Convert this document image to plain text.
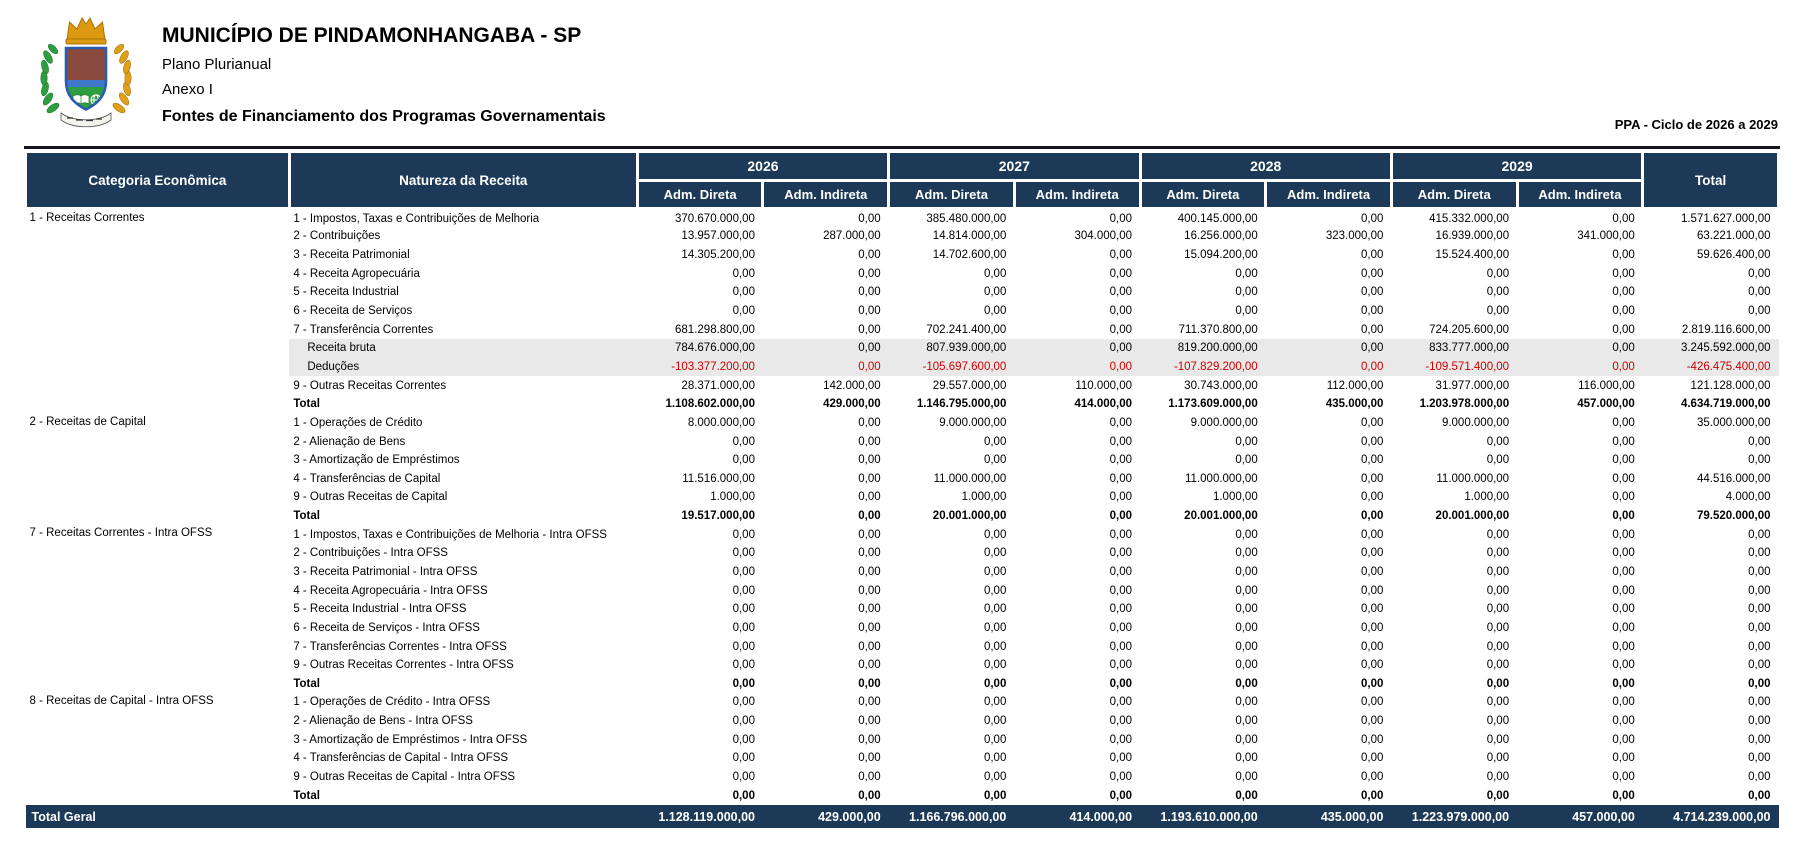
MUNICÍPIO DE PINDAMONHANGABA - SP
Plano Plurianual
Anexo I
Fontes de Financiamento dos Programas Governamentais	PPA - Ciclo de 2026 a 2029
Categoria Econômica	Natureza da Receita	2026		2027		2028		2029		Total
		Adm. Direta	Adm. Indireta	Adm. Direta	Adm. Indireta	Adm. Direta	Adm. Indireta	Adm. Direta	Adm. Indireta	
1 - Receitas Correntes	1 - Impostos, Taxas e Contribuições de Melhoria	370.670.000,00	0,00	385.480.000,00	0,00	400.145.000,00	0,00	415.332.000,00	0,00	1.571.627.000,00
	2 - Contribuições	13.957.000,00	287.000,00	14.814.000,00	304.000,00	16.256.000,00	323.000,00	16.939.000,00	341.000,00	63.221.000,00
	3 - Receita Patrimonial	14.305.200,00	0,00	14.702.600,00	0,00	15.094.200,00	0,00	15.524.400,00	0,00	59.626.400,00
	4 - Receita Agropecuária	0,00	0,00	0,00	0,00	0,00	0,00	0,00	0,00	0,00
	5 - Receita Industrial	0,00	0,00	0,00	0,00	0,00	0,00	0,00	0,00	0,00
	6 - Receita de Serviços	0,00	0,00	0,00	0,00	0,00	0,00	0,00	0,00	0,00
	7 - Transferência Correntes	681.298.800,00	0,00	702.241.400,00	0,00	711.370.800,00	0,00	724.205.600,00	0,00	2.819.116.600,00
	Receita bruta	784.676.000,00	0,00	807.939.000,00	0,00	819.200.000,00	0,00	833.777.000,00	0,00	3.245.592.000,00
	Deduções	-103.377.200,00	0,00	-105.697.600,00	0,00	-107.829.200,00	0,00	-109.571.400,00	0,00	-426.475.400,00
	9 - Outras Receitas Correntes	28.371.000,00	142.000,00	29.557.000,00	110.000,00	30.743.000,00	112.000,00	31.977.000,00	116.000,00	121.128.000,00
	Total	1.108.602.000,00	429.000,00	1.146.795.000,00	414.000,00	1.173.609.000,00	435.000,00	1.203.978.000,00	457.000,00	4.634.719.000,00
2 - Receitas de Capital	1 - Operações de Crédito	8.000.000,00	0,00	9.000.000,00	0,00	9.000.000,00	0,00	9.000.000,00	0,00	35.000.000,00
	2 - Alienação de Bens	0,00	0,00	0,00	0,00	0,00	0,00	0,00	0,00	0,00
	3 - Amortização de Empréstimos	0,00	0,00	0,00	0,00	0,00	0,00	0,00	0,00	0,00
	4 - Transferências de Capital	11.516.000,00	0,00	11.000.000,00	0,00	11.000.000,00	0,00	11.000.000,00	0,00	44.516.000,00
	9 - Outras Receitas de Capital	1.000,00	0,00	1.000,00	0,00	1.000,00	0,00	1.000,00	0,00	4.000,00
	Total	19.517.000,00	0,00	20.001.000,00	0,00	20.001.000,00	0,00	20.001.000,00	0,00	79.520.000,00
7 - Receitas Correntes - Intra OFSS	1 - Impostos, Taxas e Contribuições de Melhoria - Intra OFSS	0,00	0,00	0,00	0,00	0,00	0,00	0,00	0,00	0,00
	2 - Contribuições - Intra OFSS	0,00	0,00	0,00	0,00	0,00	0,00	0,00	0,00	0,00
	3 - Receita Patrimonial - Intra OFSS	0,00	0,00	0,00	0,00	0,00	0,00	0,00	0,00	0,00
	4 - Receita Agropecuária - Intra OFSS	0,00	0,00	0,00	0,00	0,00	0,00	0,00	0,00	0,00
	5 - Receita Industrial - Intra OFSS	0,00	0,00	0,00	0,00	0,00	0,00	0,00	0,00	0,00
	6 - Receita de Serviços - Intra OFSS	0,00	0,00	0,00	0,00	0,00	0,00	0,00	0,00	0,00
	7 - Transferências Correntes - Intra OFSS	0,00	0,00	0,00	0,00	0,00	0,00	0,00	0,00	0,00
	9 - Outras Receitas Correntes - Intra OFSS	0,00	0,00	0,00	0,00	0,00	0,00	0,00	0,00	0,00
	Total	0,00	0,00	0,00	0,00	0,00	0,00	0,00	0,00	0,00
8 - Receitas de Capital - Intra OFSS	1 - Operações de Crédito - Intra OFSS	0,00	0,00	0,00	0,00	0,00	0,00	0,00	0,00	0,00
	2 - Alienação de Bens - Intra OFSS	0,00	0,00	0,00	0,00	0,00	0,00	0,00	0,00	0,00
	3 - Amortização de Empréstimos - Intra OFSS	0,00	0,00	0,00	0,00	0,00	0,00	0,00	0,00	0,00
	4 - Transferências de Capital - Intra OFSS	0,00	0,00	0,00	0,00	0,00	0,00	0,00	0,00	0,00
	9 - Outras Receitas de Capital - Intra OFSS	0,00	0,00	0,00	0,00	0,00	0,00	0,00	0,00	0,00
	Total	0,00	0,00	0,00	0,00	0,00	0,00	0,00	0,00	0,00
Total Geral		1.128.119.000,00	429.000,00	1.166.796.000,00	414.000,00	1.193.610.000,00	435.000,00	1.223.979.000,00	457.000,00	4.714.239.000,00
